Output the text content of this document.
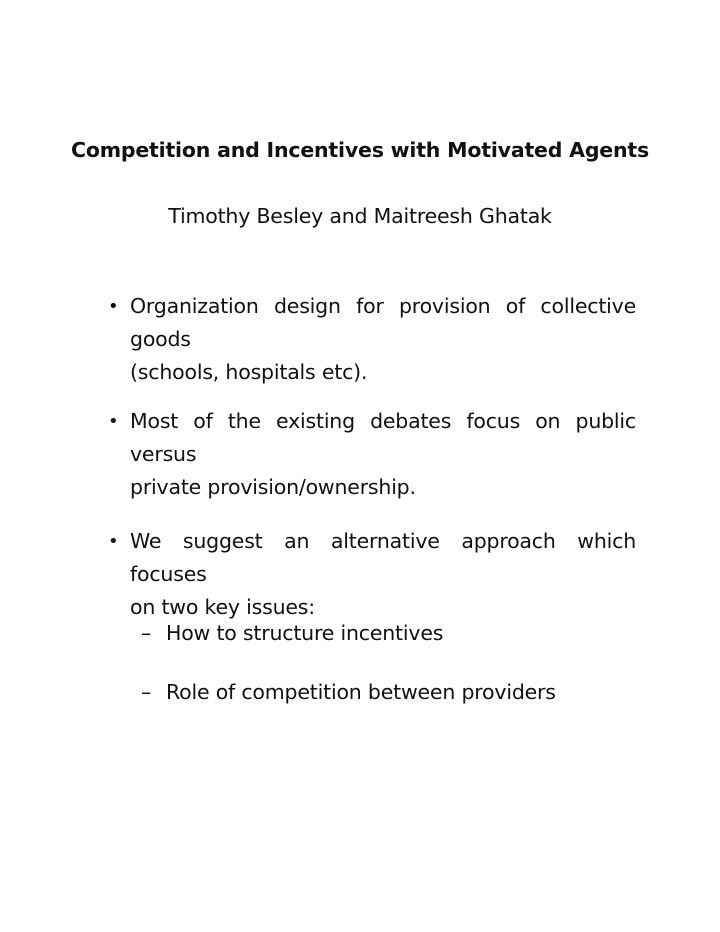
Competition and Incentives with Motivated Agents
Timothy Besley and Maitreesh Ghatak
• Organization design for provision of collective goods
(schools, hospitals etc).
• Most of the existing debates focus on public versus
private provision/ownership.
• We suggest an alternative approach which focuses
on two key issues:
– How to structure incentives
– Role of competition between providers
